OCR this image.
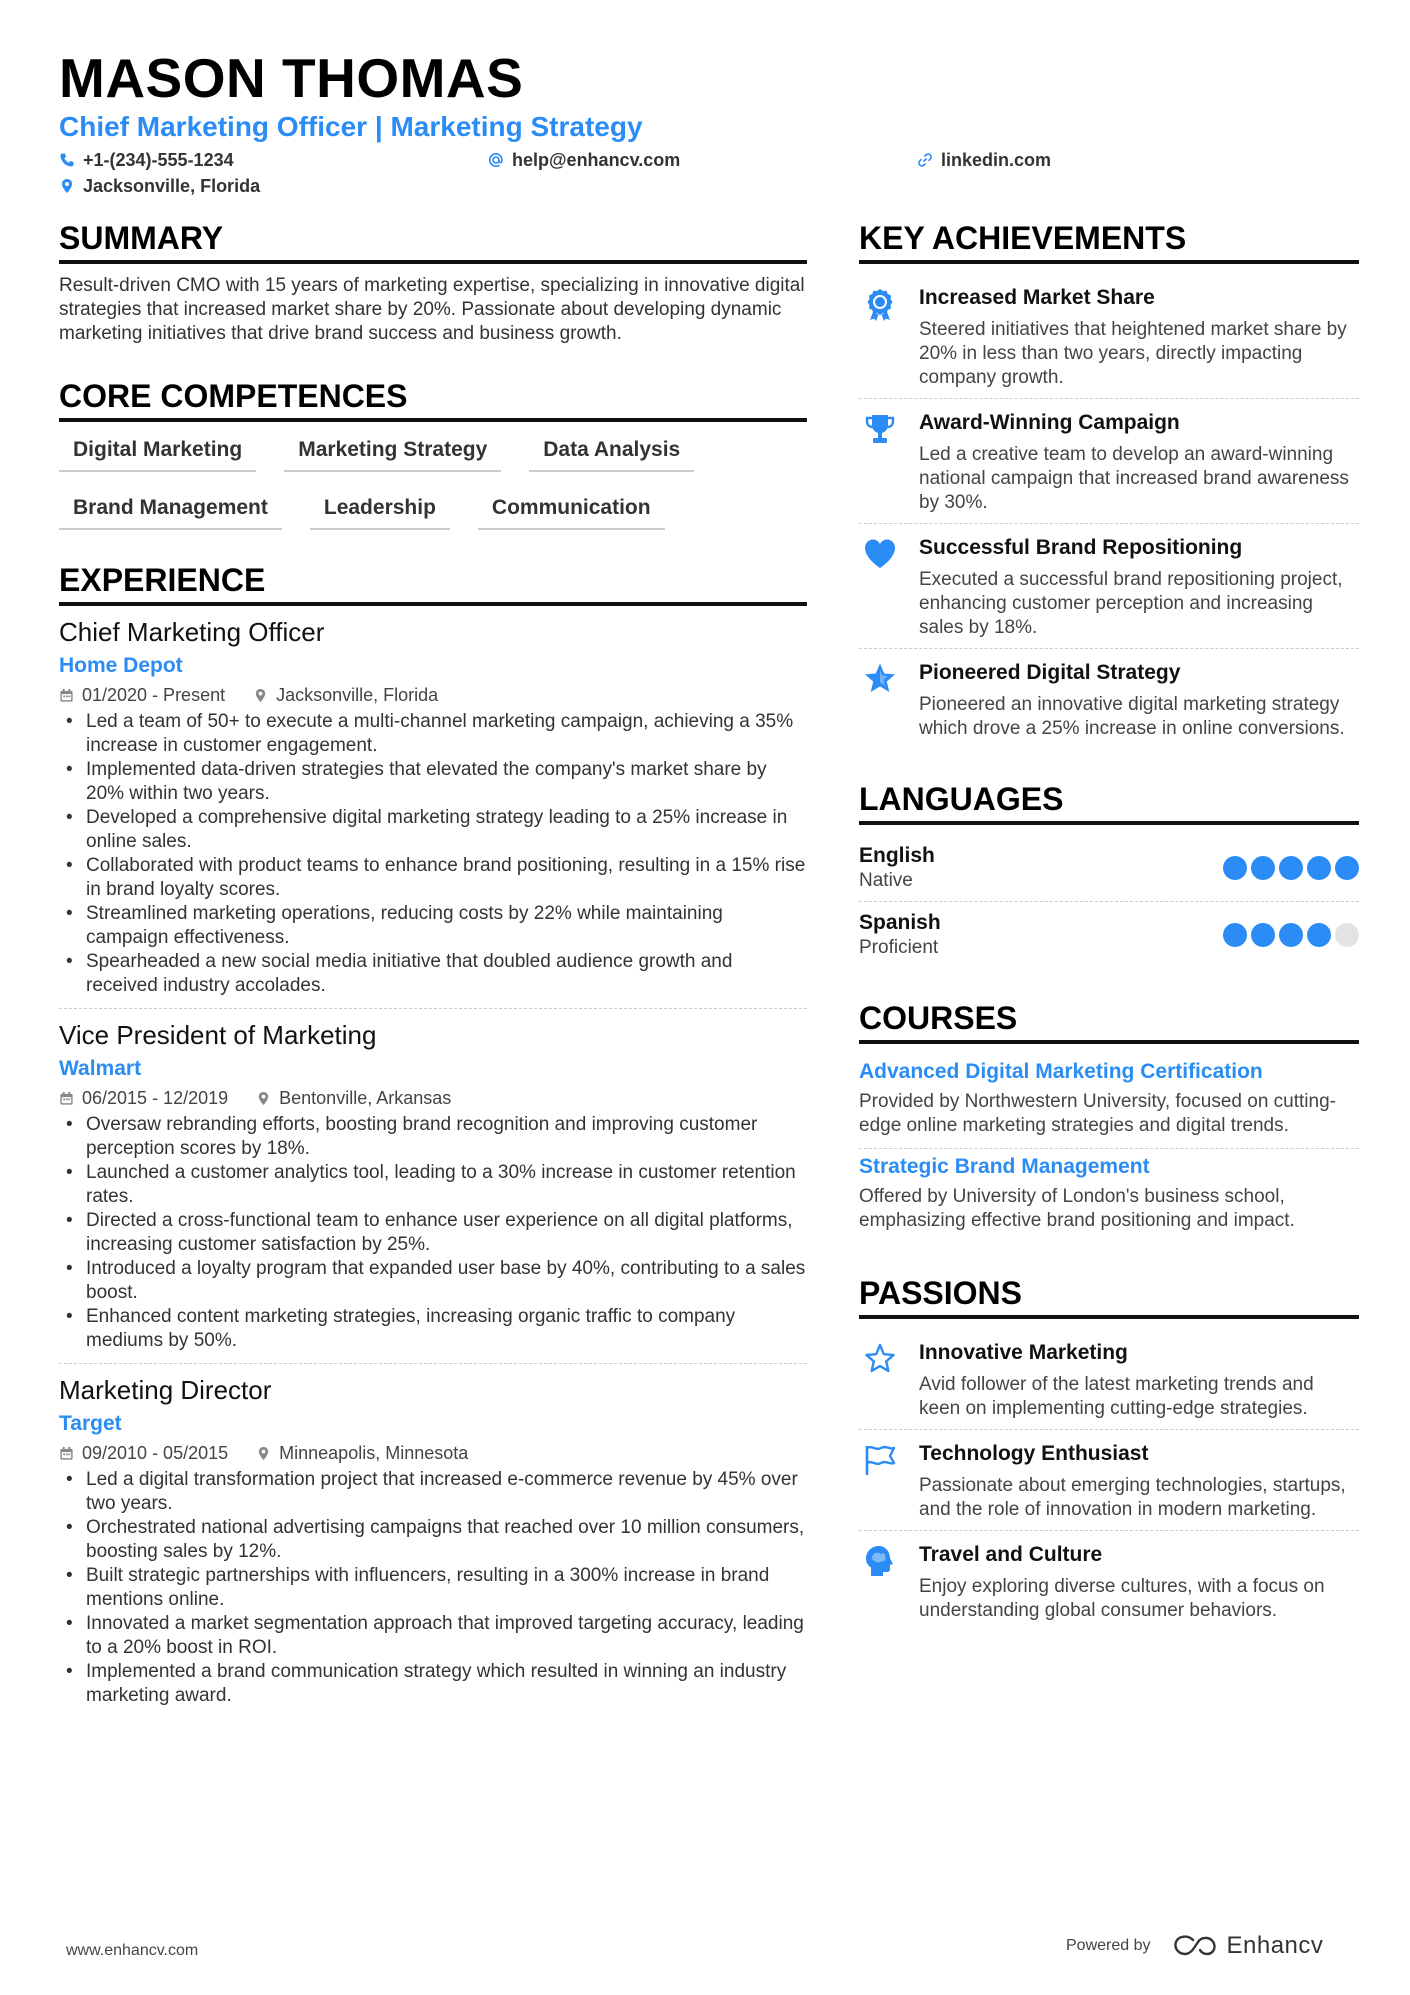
MASON THOMAS
Chief Marketing Officer | Marketing Strategy
+1-(234)-555-1234	help@enhancv.com	linkedin.com
Jacksonville, Florida
SUMMARY
Result-driven CMO with 15 years of marketing expertise, specializing in innovative digital strategies that increased market share by 20%. Passionate about developing dynamic marketing initiatives that drive brand success and business growth.
CORE COMPETENCES
Digital Marketing	Marketing Strategy	Data Analysis
Brand Management	Leadership	Communication
EXPERIENCE
Chief Marketing Officer
Home Depot
01/2020 - Present	Jacksonville, Florida
• Led a team of 50+ to execute a multi-channel marketing campaign, achieving a 35% increase in customer engagement.
• Implemented data-driven strategies that elevated the company's market share by 20% within two years.
• Developed a comprehensive digital marketing strategy leading to a 25% increase in online sales.
• Collaborated with product teams to enhance brand positioning, resulting in a 15% rise in brand loyalty scores.
• Streamlined marketing operations, reducing costs by 22% while maintaining campaign effectiveness.
• Spearheaded a new social media initiative that doubled audience growth and received industry accolades.
Vice President of Marketing
Walmart
06/2015 - 12/2019	Bentonville, Arkansas
• Oversaw rebranding efforts, boosting brand recognition and improving customer perception scores by 18%.
• Launched a customer analytics tool, leading to a 30% increase in customer retention rates.
• Directed a cross-functional team to enhance user experience on all digital platforms, increasing customer satisfaction by 25%.
• Introduced a loyalty program that expanded user base by 40%, contributing to a sales boost.
• Enhanced content marketing strategies, increasing organic traffic to company mediums by 50%.
Marketing Director
Target
09/2010 - 05/2015	Minneapolis, Minnesota
• Led a digital transformation project that increased e-commerce revenue by 45% over two years.
• Orchestrated national advertising campaigns that reached over 10 million consumers, boosting sales by 12%.
• Built strategic partnerships with influencers, resulting in a 300% increase in brand mentions online.
• Innovated a market segmentation approach that improved targeting accuracy, leading to a 20% boost in ROI.
• Implemented a brand communication strategy which resulted in winning an industry marketing award.
KEY ACHIEVEMENTS
Increased Market Share
Steered initiatives that heightened market share by 20% in less than two years, directly impacting company growth.
Award-Winning Campaign
Led a creative team to develop an award-winning national campaign that increased brand awareness by 30%.
Successful Brand Repositioning
Executed a successful brand repositioning project, enhancing customer perception and increasing sales by 18%.
Pioneered Digital Strategy
Pioneered an innovative digital marketing strategy which drove a 25% increase in online conversions.
LANGUAGES
English
Native
Spanish
Proficient
COURSES
Advanced Digital Marketing Certification
Provided by Northwestern University, focused on cutting-edge online marketing strategies and digital trends.
Strategic Brand Management
Offered by University of London's business school, emphasizing effective brand positioning and impact.
PASSIONS
Innovative Marketing
Avid follower of the latest marketing trends and keen on implementing cutting-edge strategies.
Technology Enthusiast
Passionate about emerging technologies, startups, and the role of innovation in modern marketing.
Travel and Culture
Enjoy exploring diverse cultures, with a focus on understanding global consumer behaviors.
www.enhancv.com	Powered by	Enhancv
